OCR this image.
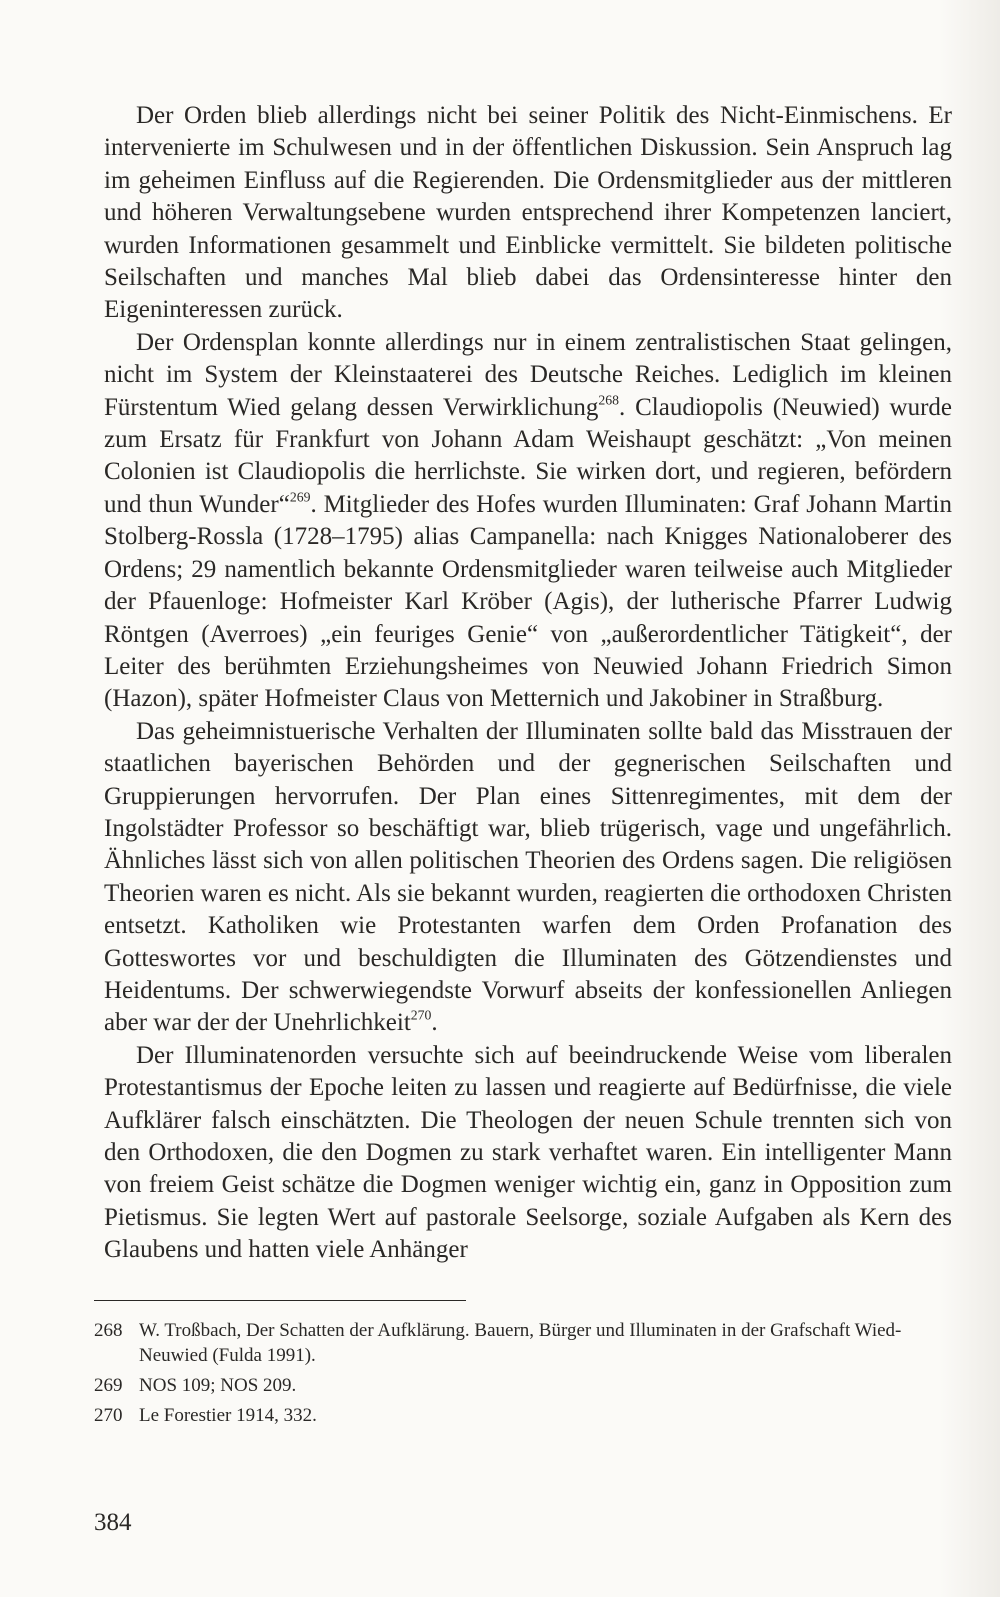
Der Orden blieb allerdings nicht bei seiner Politik des Nicht-Einmischens. Er intervenierte im Schulwesen und in der öffentlichen Diskussion. Sein Anspruch lag im geheimen Einfluss auf die Regierenden. Die Ordensmitglieder aus der mittleren und höheren Verwaltungsebene wurden entsprechend ihrer Kompetenzen lanciert, wurden Informationen gesammelt und Einblicke vermittelt. Sie bildeten politische Seilschaften und manches Mal blieb dabei das Ordensinteresse hinter den Eigeninteressen zurück.

Der Ordensplan konnte allerdings nur in einem zentralistischen Staat gelingen, nicht im System der Kleinstaaterei des Deutsche Reiches. Lediglich im kleinen Fürstentum Wied gelang dessen Verwirklichung$^{268}$. Claudiopolis (Neuwied) wurde zum Ersatz für Frankfurt von Johann Adam Weishaupt geschätzt: „Von meinen Colonien ist Claudiopolis die herrlichste. Sie wirken dort, und regieren, befördern und thun Wunder“$^{269}$. Mitglieder des Hofes wurden Illuminaten: Graf Johann Martin Stolberg-Rossla (1728–1795) alias Campanella: nach Knigges Nationaloberer des Ordens; 29 namentlich bekannte Ordensmitglieder waren teilweise auch Mitglieder der Pfauenloge: Hofmeister Karl Kröber (Agis), der lutherische Pfarrer Ludwig Röntgen (Averroes) „ein feuriges Genie“ von „außerordentlicher Tätigkeit“, der Leiter des berühmten Erziehungsheimes von Neuwied Johann Friedrich Simon (Hazon), später Hofmeister Claus von Metternich und Jakobiner in Straßburg.

Das geheimnistuerische Verhalten der Illuminaten sollte bald das Misstrauen der staatlichen bayerischen Behörden und der gegnerischen Seilschaften und Gruppierungen hervorrufen. Der Plan eines Sittenregimentes, mit dem der Ingolstädter Professor so beschäftigt war, blieb trügerisch, vage und ungefährlich. Ähnliches lässt sich von allen politischen Theorien des Ordens sagen. Die religiösen Theorien waren es nicht. Als sie bekannt wurden, reagierten die orthodoxen Christen entsetzt. Katholiken wie Protestanten warfen dem Orden Profanation des Gotteswortes vor und beschuldigten die Illuminaten des Götzendienstes und Heidentums. Der schwerwiegendste Vorwurf abseits der konfessionellen Anliegen aber war der der Unehrlichkeit$^{270}$.

Der Illuminatenorden versuchte sich auf beeindruckende Weise vom liberalen Protestantismus der Epoche leiten zu lassen und reagierte auf Bedürfnisse, die viele Aufklärer falsch einschätzten. Die Theologen der neuen Schule trennten sich von den Orthodoxen, die den Dogmen zu stark verhaftet waren. Ein intelligenter Mann von freiem Geist schätze die Dogmen weniger wichtig ein, ganz in Opposition zum Pietismus. Sie legten Wert auf pastorale Seelsorge, soziale Aufgaben als Kern des Glaubens und hatten viele Anhänger

268 W. Troßbach, Der Schatten der Aufklärung. Bauern, Bürger und Illuminaten in der Grafschaft Wied-Neuwied (Fulda 1991).
269 NOS 109; NOS 209.
270 Le Forestier 1914, 332.
384
